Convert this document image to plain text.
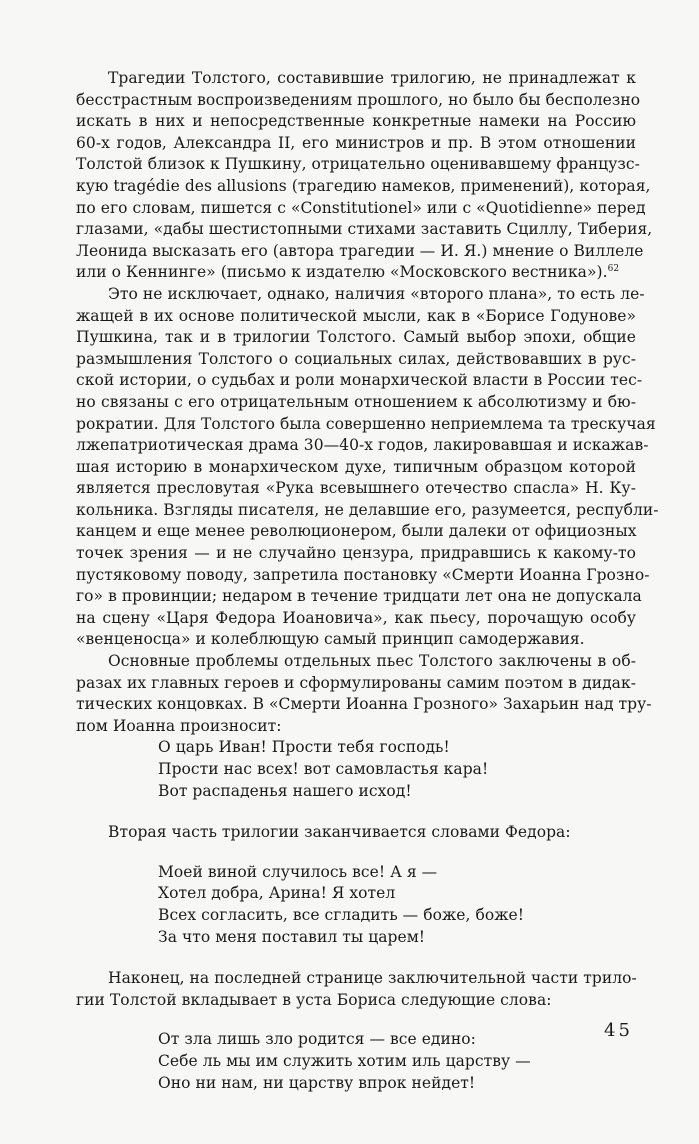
Трагедии Толстого, составившие трилогию, не принадлежат к
бесстрастным воспроизведениям прошлого, но было бы бесполезно
искать в них и непосредственные конкретные намеки на Россию
60-х годов, Александра II, его министров и пр. В этом отношении
Толстой близок к Пушкину, отрицательно оценивавшему французс-
кую tragédie des allusions (трагедию намеков, применений), которая,
по его словам, пишется с «Constitutionel» или с «Quotidienne» перед
глазами, «дабы шестистопными стихами заставить Сциллу, Тиберия,
Леонида высказать его (автора трагедии — И. Я.) мнение о Виллеле
или о Кеннинге» (письмо к издателю «Московского вестника»).$^{62}$
Это не исключает, однако, наличия «второго плана», то есть ле-
жащей в их основе политической мысли, как в «Борисе Годунове»
Пушкина, так и в трилогии Толстого. Самый выбор эпохи, общие
размышления Толстого о социальных силах, действовавших в рус-
ской истории, о судьбах и роли монархической власти в России тес-
но связаны с его отрицательным отношением к абсолютизму и бю-
рократии. Для Толстого была совершенно неприемлема та трескучая
лжепатриотическая драма 30—40-х годов, лакировавшая и искажав-
шая историю в монархическом духе, типичным образцом которой
является пресловутая «Рука всевышнего отечество спасла» Н. Ку-
кольника. Взгляды писателя, не делавшие его, разумеется, республи-
канцем и еще менее революционером, были далеки от официозных
точек зрения — и не случайно цензура, придравшись к какому-то
пустяковому поводу, запретила постановку «Смерти Иоанна Грозно-
го» в провинции; недаром в течение тридцати лет она не допускала
на сцену «Царя Федора Иоановича», как пьесу, порочащую особу
«венценосца» и колеблющую самый принцип самодержавия.
Основные проблемы отдельных пьес Толстого заключены в об-
разах их главных героев и сформулированы самим поэтом в дидак-
тических концовках. В «Смерти Иоанна Грозного» Захарьин над тру-
пом Иоанна произносит:
О царь Иван! Прости тебя господь!
Прости нас всех! вот самовластья кара!
Вот распаденья нашего исход!
Вторая часть трилогии заканчивается словами Федора:
Моей виной случилось все! А я —
Хотел добра, Арина! Я хотел
Всех согласить, все сгладить — боже, боже!
За что меня поставил ты царем!
Наконец, на последней странице заключительной части трило-
гии Толстой вкладывает в уста Бориса следующие слова:
От зла лишь зло родится — все едино:
Себе ль мы им служить хотим иль царству —
Оно ни нам, ни царству впрок нейдет!
45
